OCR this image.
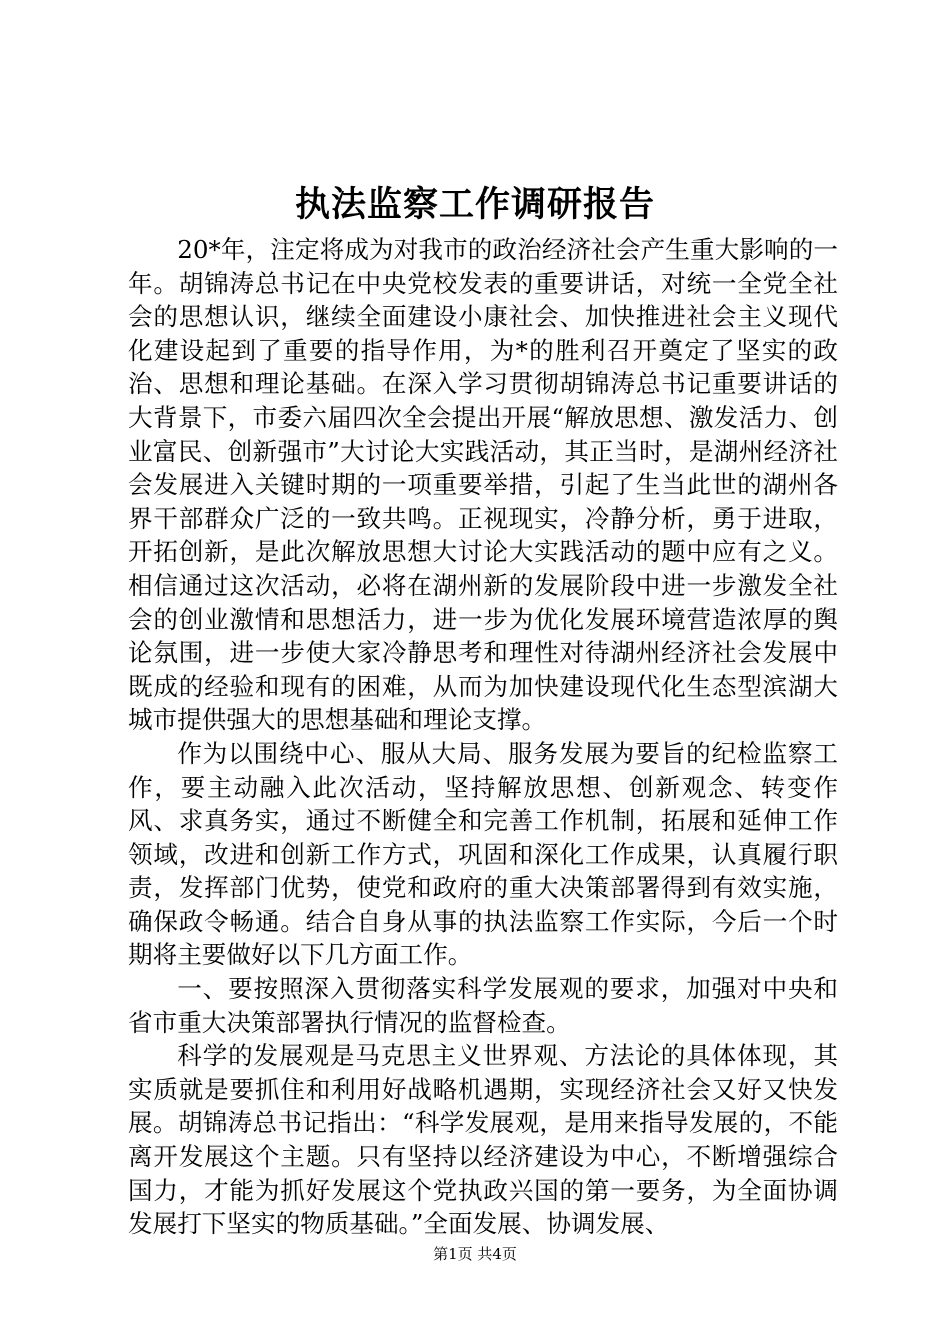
执法监察工作调研报告

20*年，注定将成为对我市的政治经济社会产生重大影响的一年。胡锦涛总书记在中央党校发表的重要讲话，对统一全党全社会的思想认识，继续全面建设小康社会、加快推进社会主义现代化建设起到了重要的指导作用，为*的胜利召开奠定了坚实的政治、思想和理论基础。在深入学习贯彻胡锦涛总书记重要讲话的大背景下，市委六届四次全会提出开展“解放思想、激发活力、创业富民、创新强市”大讨论大实践活动，其正当时，是湖州经济社会发展进入关键时期的一项重要举措，引起了生当此世的湖州各界干部群众广泛的一致共鸣。正视现实，冷静分析，勇于进取，开拓创新，是此次解放思想大讨论大实践活动的题中应有之义。相信通过这次活动，必将在湖州新的发展阶段中进一步激发全社会的创业激情和思想活力，进一步为优化发展环境营造浓厚的舆论氛围，进一步使大家冷静思考和理性对待湖州经济社会发展中既成的经验和现有的困难，从而为加快建设现代化生态型滨湖大城市提供强大的思想基础和理论支撑。

作为以围绕中心、服从大局、服务发展为要旨的纪检监察工作，要主动融入此次活动，坚持解放思想、创新观念、转变作风、求真务实，通过不断健全和完善工作机制，拓展和延伸工作领域，改进和创新工作方式，巩固和深化工作成果，认真履行职责，发挥部门优势，使党和政府的重大决策部署得到有效实施，确保政令畅通。结合自身从事的执法监察工作实际，今后一个时期将主要做好以下几方面工作。

一、要按照深入贯彻落实科学发展观的要求，加强对中央和省市重大决策部署执行情况的监督检查。

科学的发展观是马克思主义世界观、方法论的具体体现，其实质就是要抓住和利用好战略机遇期，实现经济社会又好又快发展。胡锦涛总书记指出：“科学发展观，是用来指导发展的，不能离开发展这个主题。只有坚持以经济建设为中心，不断增强综合国力，才能为抓好发展这个党执政兴国的第一要务，为全面协调发展打下坚实的物质基础。”全面发展、协调发展、

第1页 共4页
